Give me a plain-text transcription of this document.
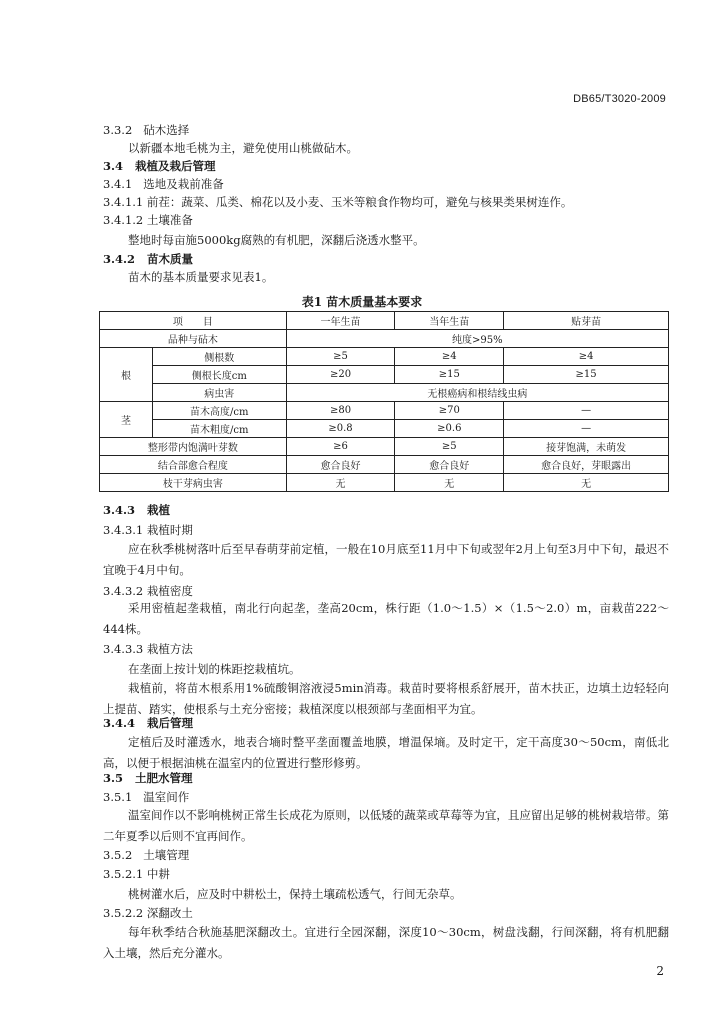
DB65/T3020-2009
3.3.2 砧木选择
以新疆本地毛桃为主，避免使用山桃做砧木。
3.4 栽植及栽后管理
3.4.1 选地及栽前准备
3.4.1.1 前茬：蔬菜、瓜类、棉花以及小麦、玉米等粮食作物均可，避免与核果类果树连作。
3.4.1.2 土壤准备
整地时每亩施5000kg腐熟的有机肥，深翻后浇透水整平。
3.4.2 苗木质量
苗木的基本质量要求见表1。
表1 苗木质量基本要求
项　　目		一年生苗	当年生苗	贴芽苗
品种与砧木		纯度>95%		
根	侧根数	≥5	≥4	≥4
	侧根长度cm	≥20	≥15	≥15
	病虫害	无根癌病和根结线虫病		
茎	苗木高度/cm	≥80	≥70	—
	苗木粗度/cm	≥0.8	≥0.6	—
整形带内饱满叶芽数		≥6	≥5	接芽饱满，未萌发
结合部愈合程度		愈合良好	愈合良好	愈合良好，芽眼露出
枝干芽病虫害		无	无	无
3.4.3 栽植
3.4.3.1 栽植时期
应在秋季桃树落叶后至早春萌芽前定植，一般在10月底至11月中下旬或翌年2月上旬至3月中下旬，最迟不宜晚于4月中旬。
3.4.3.2 栽植密度
采用密植起垄栽植，南北行向起垄，垄高20cm，株行距（1.0～1.5）×（1.5～2.0）m，亩栽苗222～444株。
3.4.3.3 栽植方法
在垄面上按计划的株距挖栽植坑。
栽植前，将苗木根系用1%硫酸铜溶液浸5min消毒。栽苗时要将根系舒展开，苗木扶正，边填土边轻轻向上提苗、踏实，使根系与土充分密接；栽植深度以根颈部与垄面相平为宜。
3.4.4 栽后管理
定植后及时灌透水，地表合墒时整平垄面覆盖地膜，增温保墒。及时定干，定干高度30～50cm，南低北高，以便于根据油桃在温室内的位置进行整形修剪。
3.5 土肥水管理
3.5.1 温室间作
温室间作以不影响桃树正常生长成花为原则，以低矮的蔬菜或草莓等为宜，且应留出足够的桃树栽培带。第二年夏季以后则不宜再间作。
3.5.2 土壤管理
3.5.2.1 中耕
桃树灌水后，应及时中耕松土，保持土壤疏松透气，行间无杂草。
3.5.2.2 深翻改土
每年秋季结合秋施基肥深翻改土。宜进行全园深翻，深度10～30cm，树盘浅翻，行间深翻，将有机肥翻入土壤，然后充分灌水。
2
